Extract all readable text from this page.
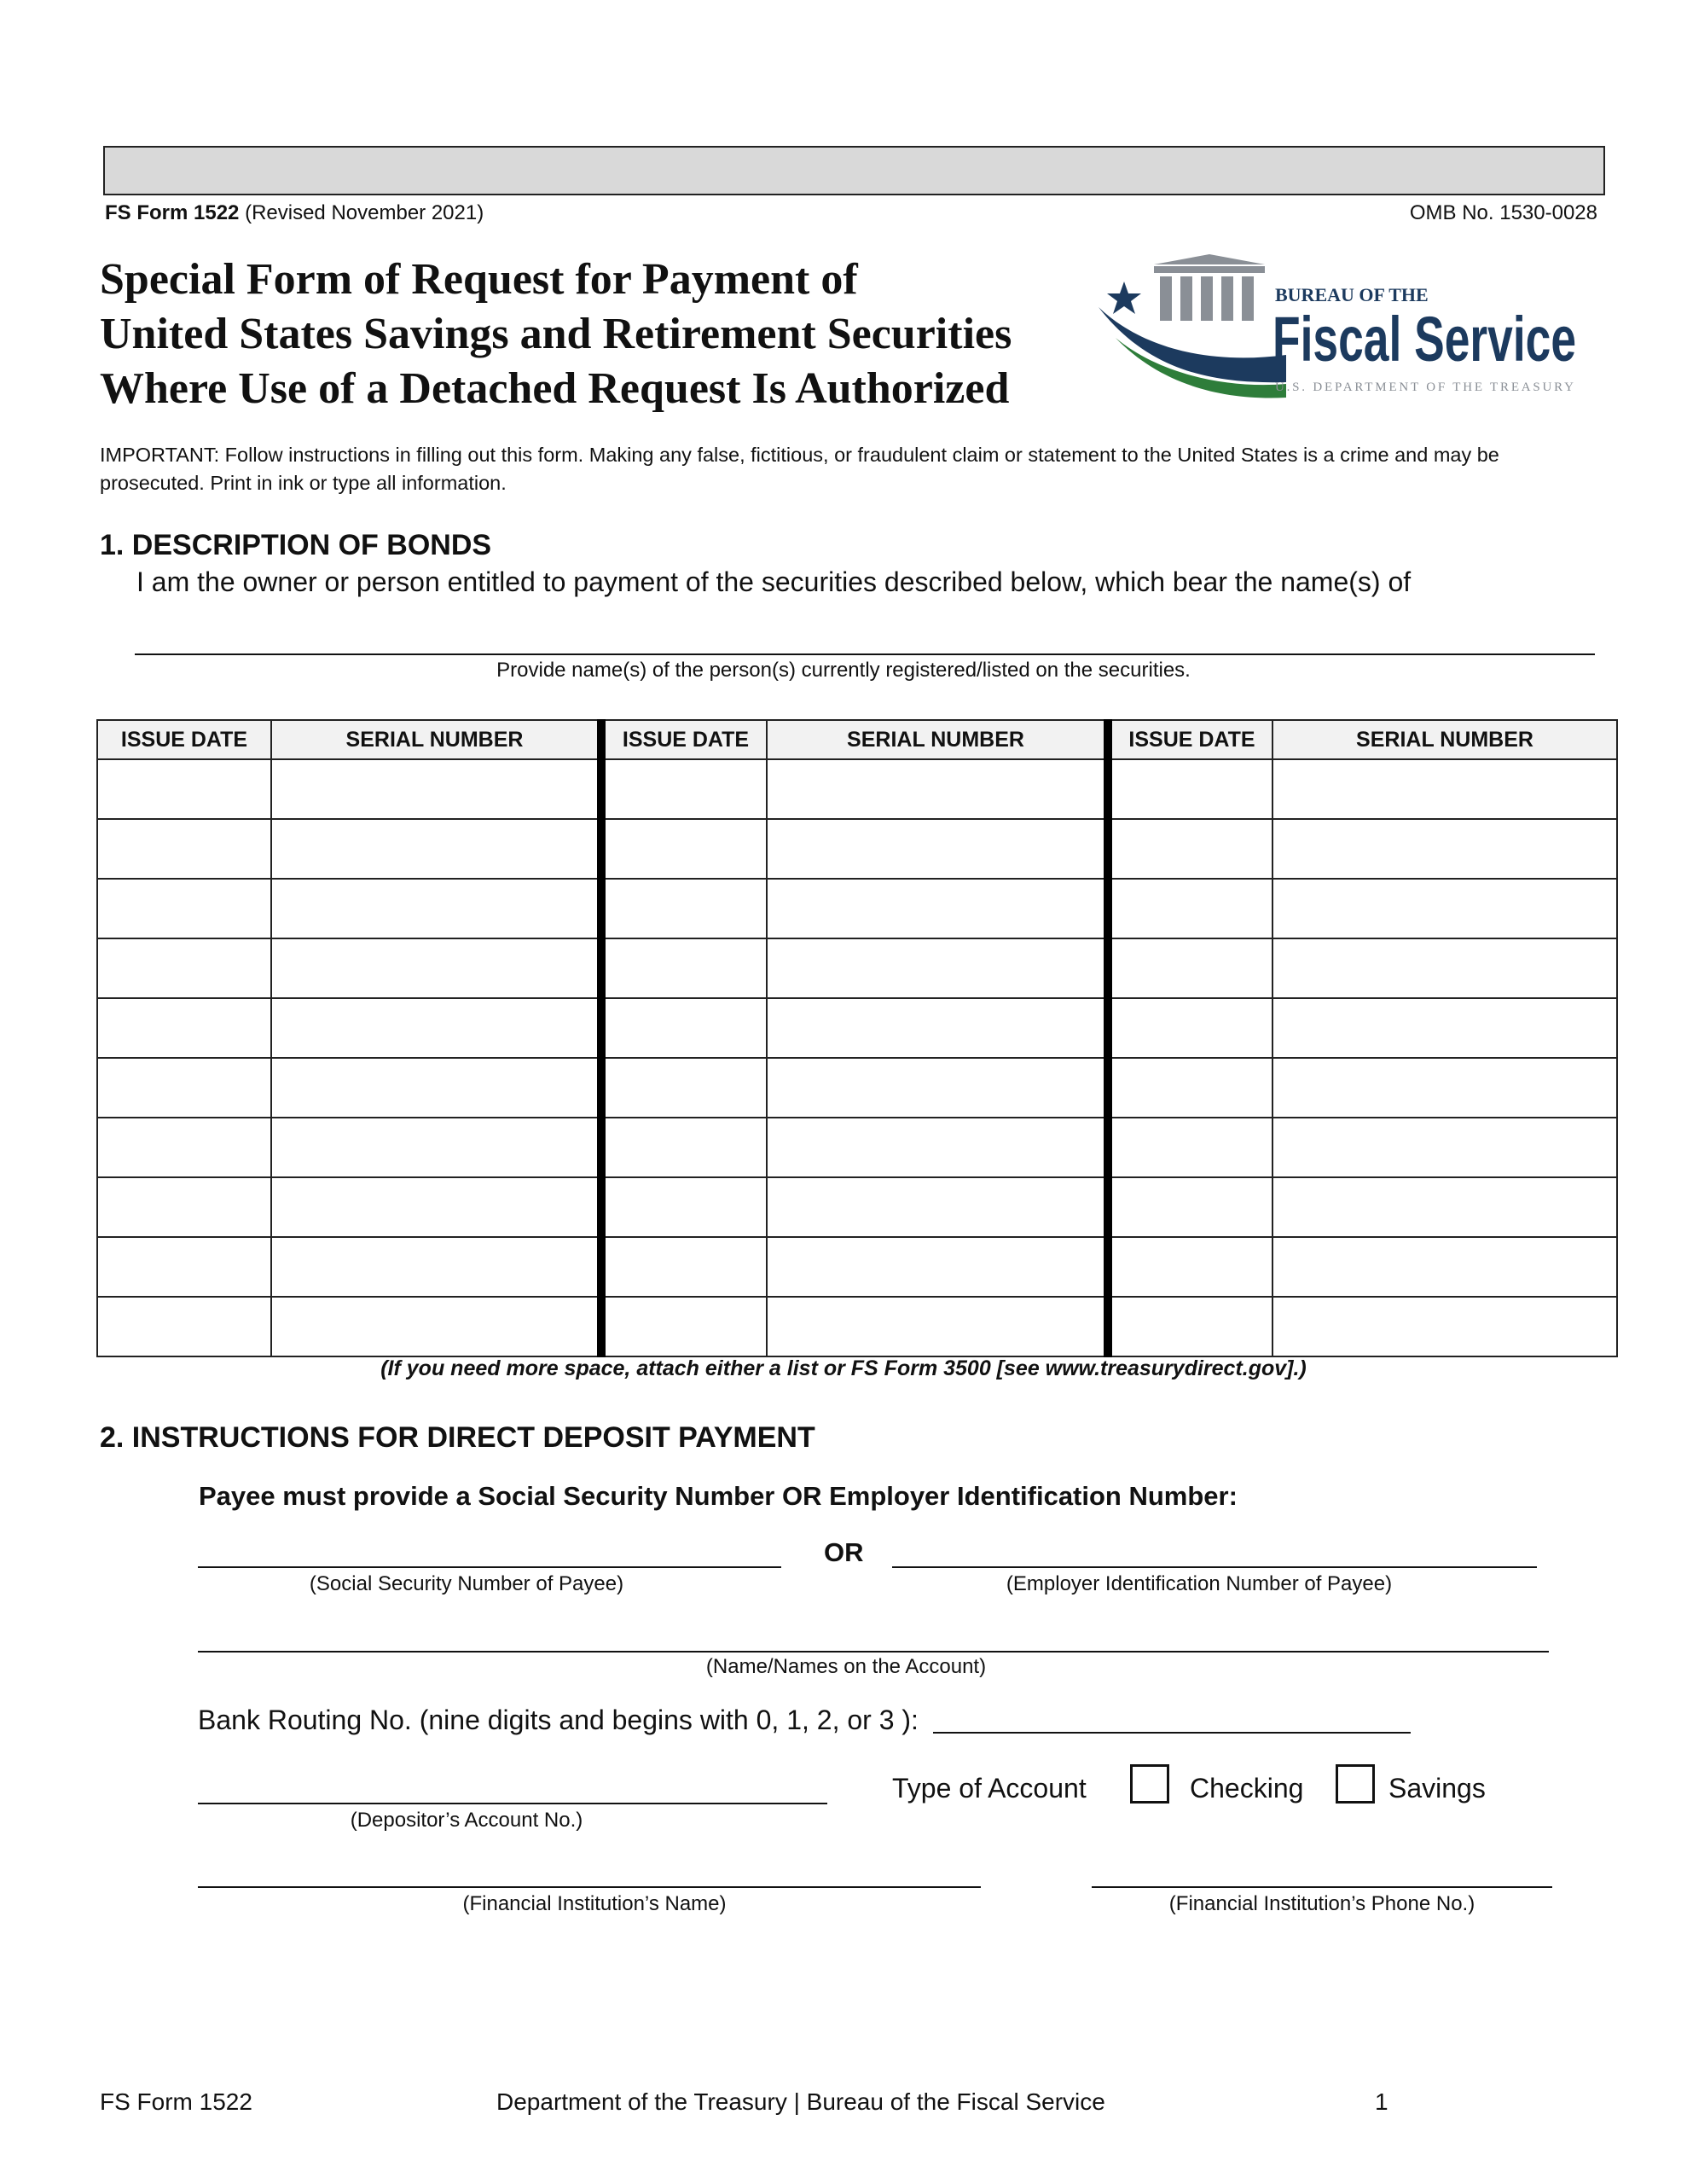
FS Form 1522 (Revised November 2021)	OMB No. 1530-0028
Special Form of Request for Payment of
United States Savings and Retirement Securities
Where Use of a Detached Request Is Authorized
BUREAU OF THE
Fiscal Service
U.S. DEPARTMENT OF THE TREASURY
IMPORTANT: Follow instructions in filling out this form. Making any false, fictitious, or fraudulent claim or statement to the United States is a crime and may be prosecuted. Print in ink or type all information.
1. DESCRIPTION OF BONDS
I am the owner or person entitled to payment of the securities described below, which bear the name(s) of
Provide name(s) of the person(s) currently registered/listed on the securities.
ISSUE DATE	SERIAL NUMBER	ISSUE DATE	SERIAL NUMBER	ISSUE DATE	SERIAL NUMBER

(If you need more space, attach either a list or FS Form 3500 [see www.treasurydirect.gov].)
2. INSTRUCTIONS FOR DIRECT DEPOSIT PAYMENT
Payee must provide a Social Security Number OR Employer Identification Number:
OR
(Social Security Number of Payee)	(Employer Identification Number of Payee)
(Name/Names on the Account)
Bank Routing No. (nine digits and begins with 0, 1, 2, or 3 ):
(Depositor’s Account No.)
Type of Account	Checking	Savings
(Financial Institution’s Name)	(Financial Institution’s Phone No.)
FS Form 1522	Department of the Treasury | Bureau of the Fiscal Service	1
